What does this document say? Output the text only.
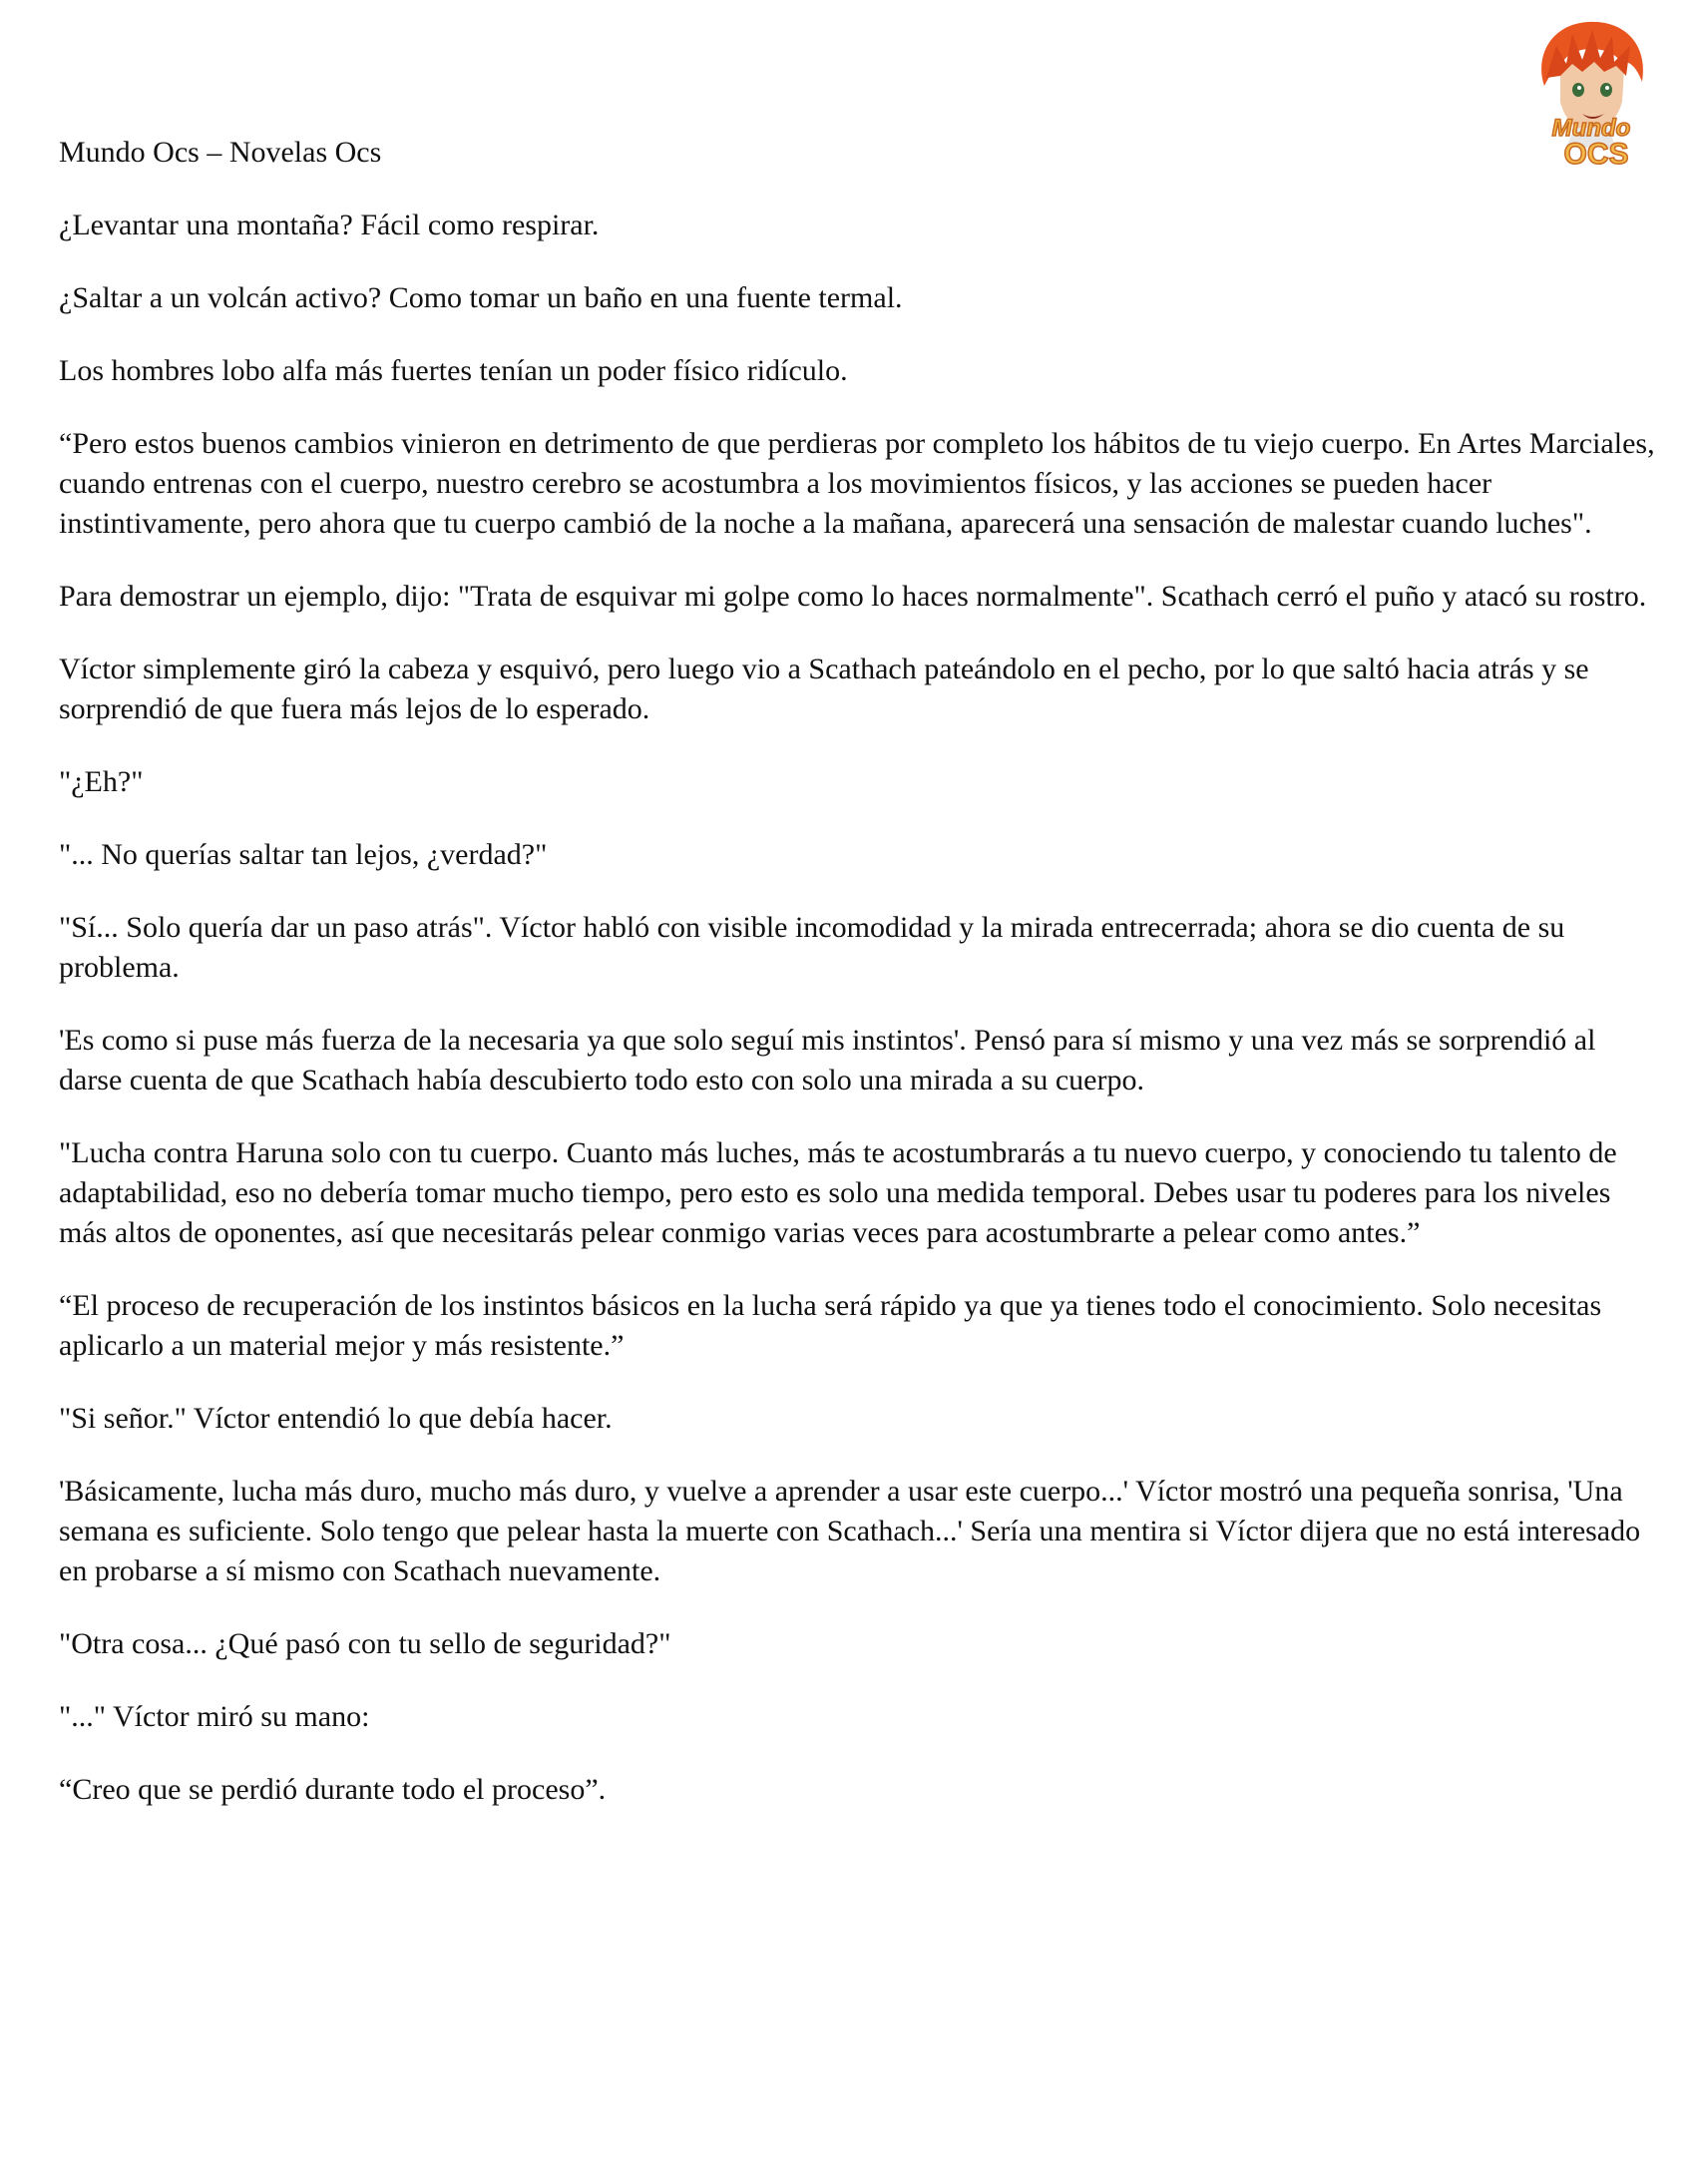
Mundo
OCS
Mundo Ocs – Novelas Ocs

¿Levantar una montaña? Fácil como respirar.

¿Saltar a un volcán activo? Como tomar un baño en una fuente termal.

Los hombres lobo alfa más fuertes tenían un poder físico ridículo.

“Pero estos buenos cambios vinieron en detrimento de que perdieras por completo los hábitos de tu viejo cuerpo. En Artes Marciales, cuando entrenas con el cuerpo, nuestro cerebro se acostumbra a los movimientos físicos, y las acciones se pueden hacer instintivamente, pero ahora que tu cuerpo cambió de la noche a la mañana, aparecerá una sensación de malestar cuando luches".

Para demostrar un ejemplo, dijo: "Trata de esquivar mi golpe como lo haces normalmente". Scathach cerró el puño y atacó su rostro.

Víctor simplemente giró la cabeza y esquivó, pero luego vio a Scathach pateándolo en el pecho, por lo que saltó hacia atrás y se sorprendió de que fuera más lejos de lo esperado.

"¿Eh?"

"... No querías saltar tan lejos, ¿verdad?"

"Sí... Solo quería dar un paso atrás". Víctor habló con visible incomodidad y la mirada entrecerrada; ahora se dio cuenta de su problema.

'Es como si puse más fuerza de la necesaria ya que solo seguí mis instintos'. Pensó para sí mismo y una vez más se sorprendió al darse cuenta de que Scathach había descubierto todo esto con solo una mirada a su cuerpo.

"Lucha contra Haruna solo con tu cuerpo. Cuanto más luches, más te acostumbrarás a tu nuevo cuerpo, y conociendo tu talento de adaptabilidad, eso no debería tomar mucho tiempo, pero esto es solo una medida temporal. Debes usar tu poderes para los niveles más altos de oponentes, así que necesitarás pelear conmigo varias veces para acostumbrarte a pelear como antes.”

“El proceso de recuperación de los instintos básicos en la lucha será rápido ya que ya tienes todo el conocimiento. Solo necesitas aplicarlo a un material mejor y más resistente.”

"Si señor." Víctor entendió lo que debía hacer.

'Básicamente, lucha más duro, mucho más duro, y vuelve a aprender a usar este cuerpo...' Víctor mostró una pequeña sonrisa, 'Una semana es suficiente. Solo tengo que pelear hasta la muerte con Scathach...' Sería una mentira si Víctor dijera que no está interesado en probarse a sí mismo con Scathach nuevamente.

"Otra cosa... ¿Qué pasó con tu sello de seguridad?"

"..." Víctor miró su mano:

“Creo que se perdió durante todo el proceso”.
